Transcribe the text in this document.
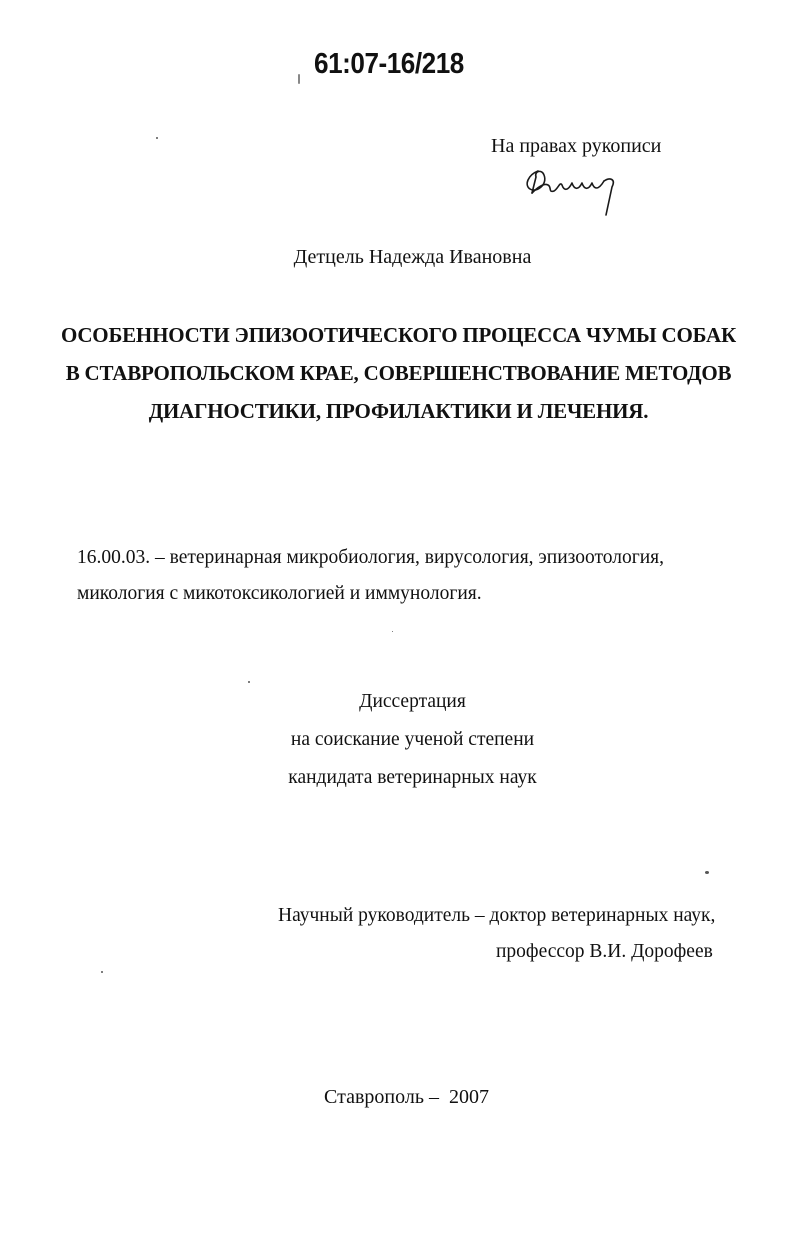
61:07-16/218
На правах рукописи
Детцель Надежда Ивановна
ОСОБЕННОСТИ ЭПИЗООТИЧЕСКОГО ПРОЦЕССА ЧУМЫ СОБАК
В СТАВРОПОЛЬСКОМ КРАЕ, СОВЕРШЕНСТВОВАНИЕ МЕТОДОВ
ДИАГНОСТИКИ, ПРОФИЛАКТИКИ И ЛЕЧЕНИЯ.
16.00.03. – ветеринарная микробиология, вирусология, эпизоотология,
микология с микотоксикологией и иммунология.
Диссертация
на соискание ученой степени
кандидата ветеринарных наук
Научный руководитель – доктор ветеринарных наук,
профессор В.И. Дорофеев
Ставрополь –  2007
